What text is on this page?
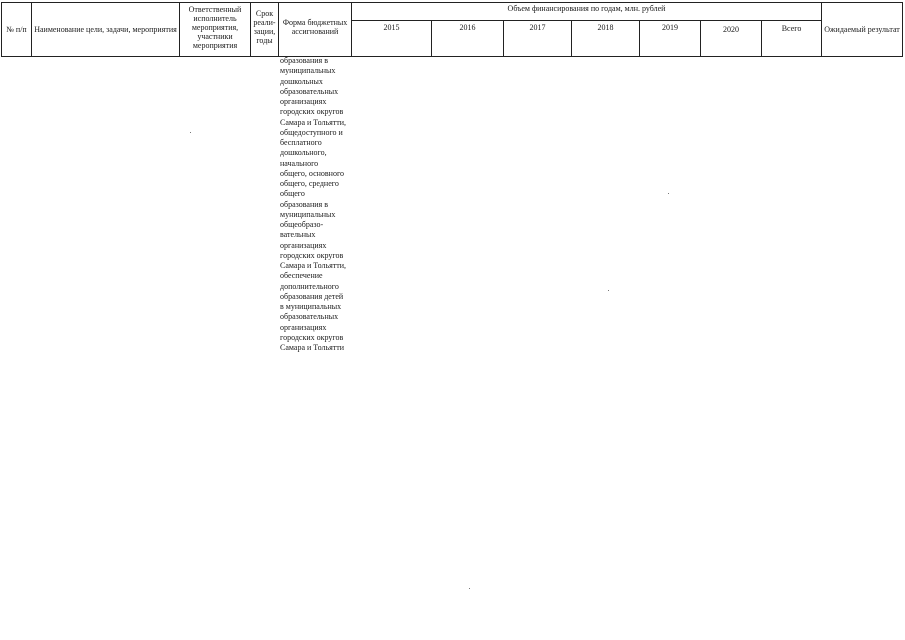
№ п/п	Наименование цели, задачи, мероприятия	Ответственный исполнитель мероприятия, участники мероприятия	Срок реали-зации, годы	Форма бюджетных ассигнований	Объем финансирования по годам, млн. рублей							Ожидаемый результат
					2015	2016	2017	2018	2019	2020	Всего	
образования в
муниципальных
дошкольных
образовательных
организациях
городских округов
Самара и Тольятти,
общедоступного и
бесплатного
дошкольного,
начального
общего, основного
общего, среднего
общего
образования в
муниципальных
общеобразо-
вательных
организациях
городских округов
Самара и Тольятти,
обеспечение
дополнительного
образования детей
в муниципальных
образовательных
организациях
городских округов
Самара и Тольятти
